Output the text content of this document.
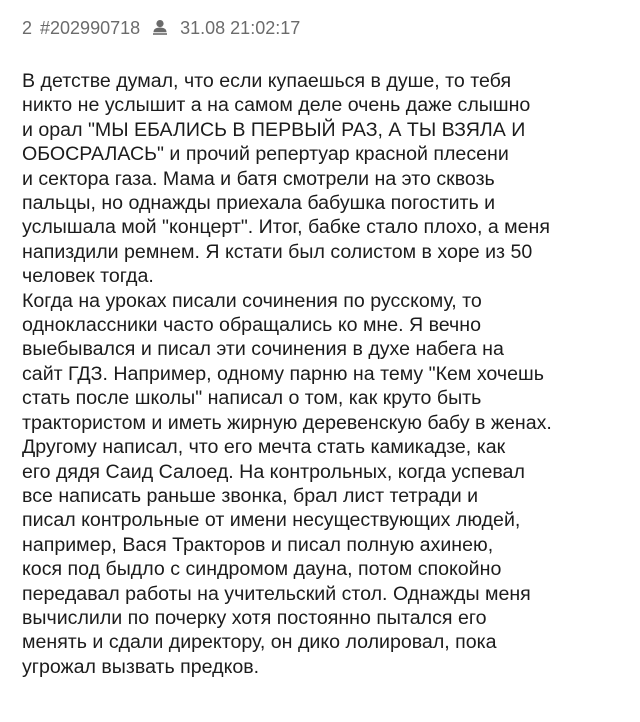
2 #202990718 31.08 21:02:17

В детстве думал, что если купаешься в душе, то тебя
никто не услышит а на самом деле очень даже слышно
и орал "МЫ ЕБАЛИСЬ В ПЕРВЫЙ РАЗ, А ТЫ ВЗЯЛА И
ОБОСРАЛАСЬ" и прочий репертуар красной плесени
и сектора газа. Мама и батя смотрели на это сквозь
пальцы, но однажды приехала бабушка погостить и
услышала мой "концерт". Итог, бабке стало плохо, а меня
напиздили ремнем. Я кстати был солистом в хоре из 50
человек тогда.

Когда на уроках писали сочинения по русскому, то
одноклассники часто обращались ко мне. Я вечно
выебывался и писал эти сочинения в духе набега на
сайт ГДЗ. Например, одному парню на тему "Кем хочешь
стать после школы" написал о том, как круто быть
трактористом и иметь жирную деревенскую бабу в женах.
Другому написал, что его мечта стать камикадзе, как
его дядя Саид Салоед. На контрольных, когда успевал
все написать раньше звонка, брал лист тетради и
писал контрольные от имени несуществующих людей,
например, Вася Тракторов и писал полную ахинею,
кося под быдло с синдромом дауна, потом спокойно
передавал работы на учительский стол. Однажды меня
вычислили по почерку хотя постоянно пытался его
менять и сдали директору, он дико лолировал, пока
угрожал вызвать предков.
